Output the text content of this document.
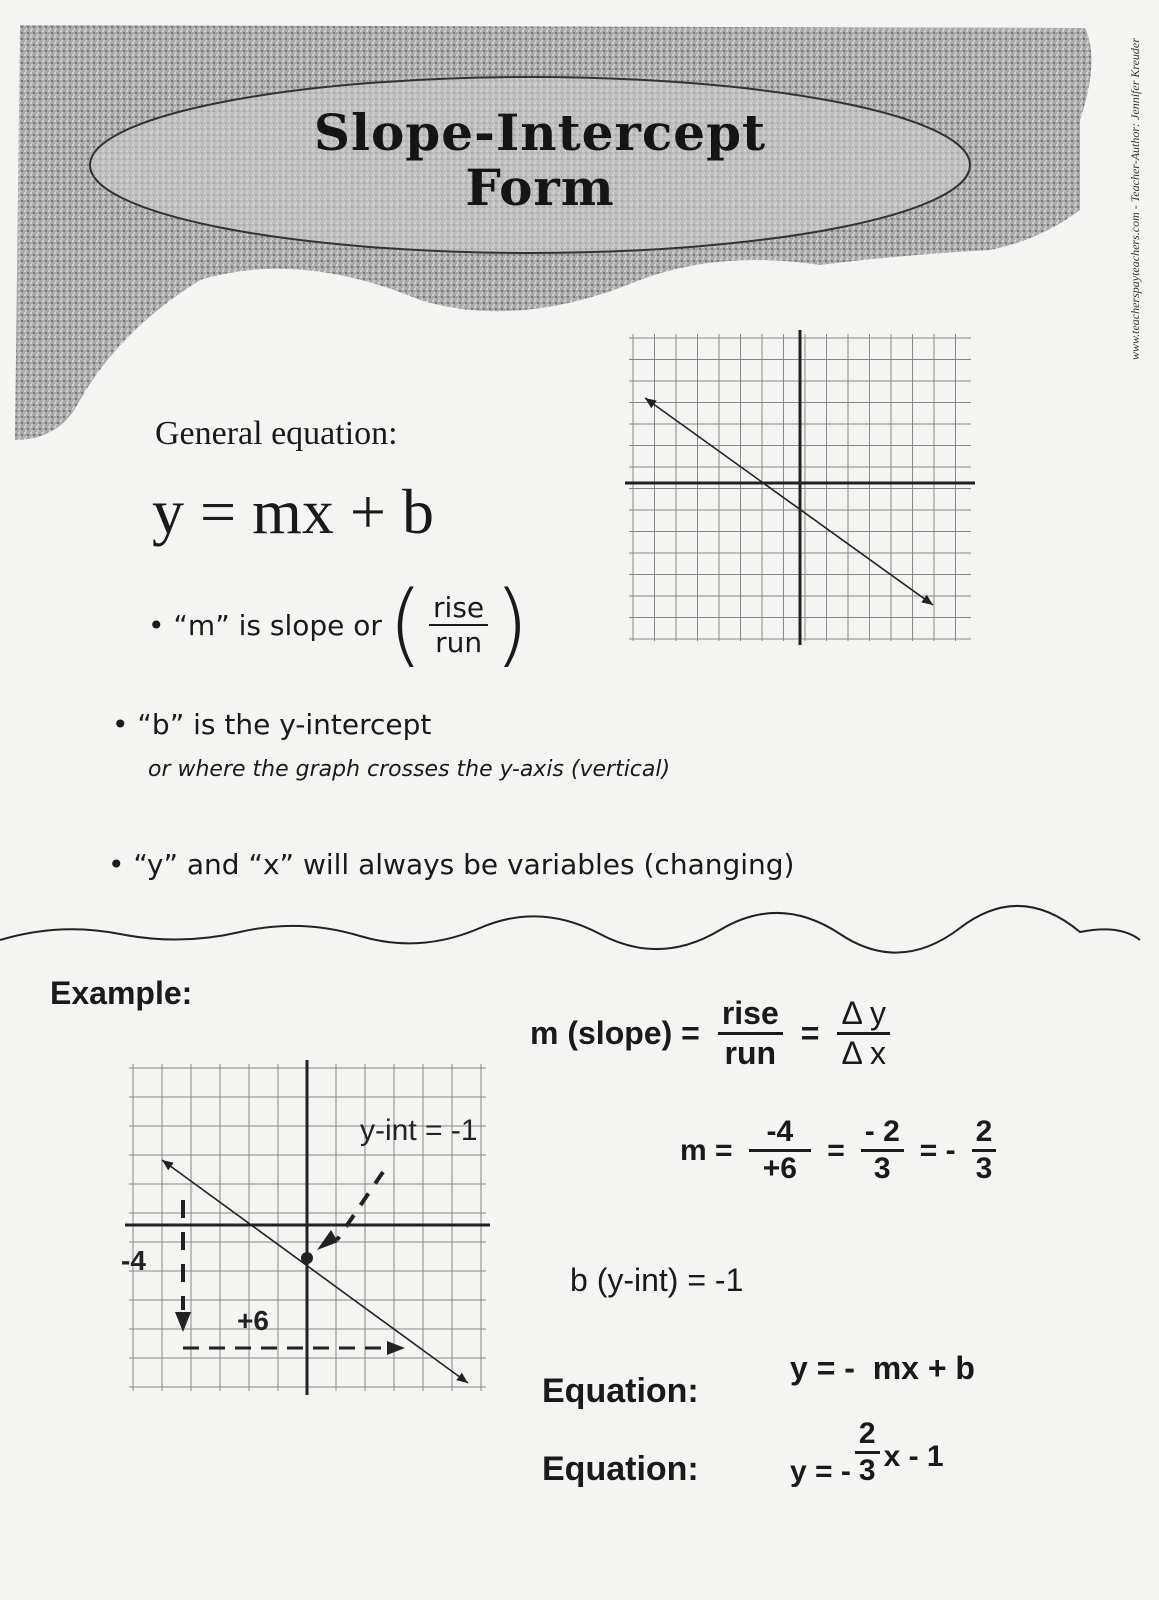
Slope-Intercept
Form	www.teacherspayteachers.com - Teacher-Author: Jennifer Kreuder
General equation:
y = mx + b
• “m” is slope or ( $\frac{\text{rise}}{\text{run}}$ )
• “b” is the y-intercept
or where the graph crosses the y-axis (vertical)
• “y” and “x” will always be variables (changing)
Example:
y-int = -1
-4
+6
m (slope) = $\frac{\text{rise}}{\text{run}} = \frac{\text{Δ y}}{\text{Δ x}}$
$m = \frac{-4}{+6} = \frac{- 2}{3}$ = - $\frac{2}{3}$
b (y-int) = -1
Equation:
y = -  mx + b
Equation:	y = - $\frac{2}{3}$ x - 1
